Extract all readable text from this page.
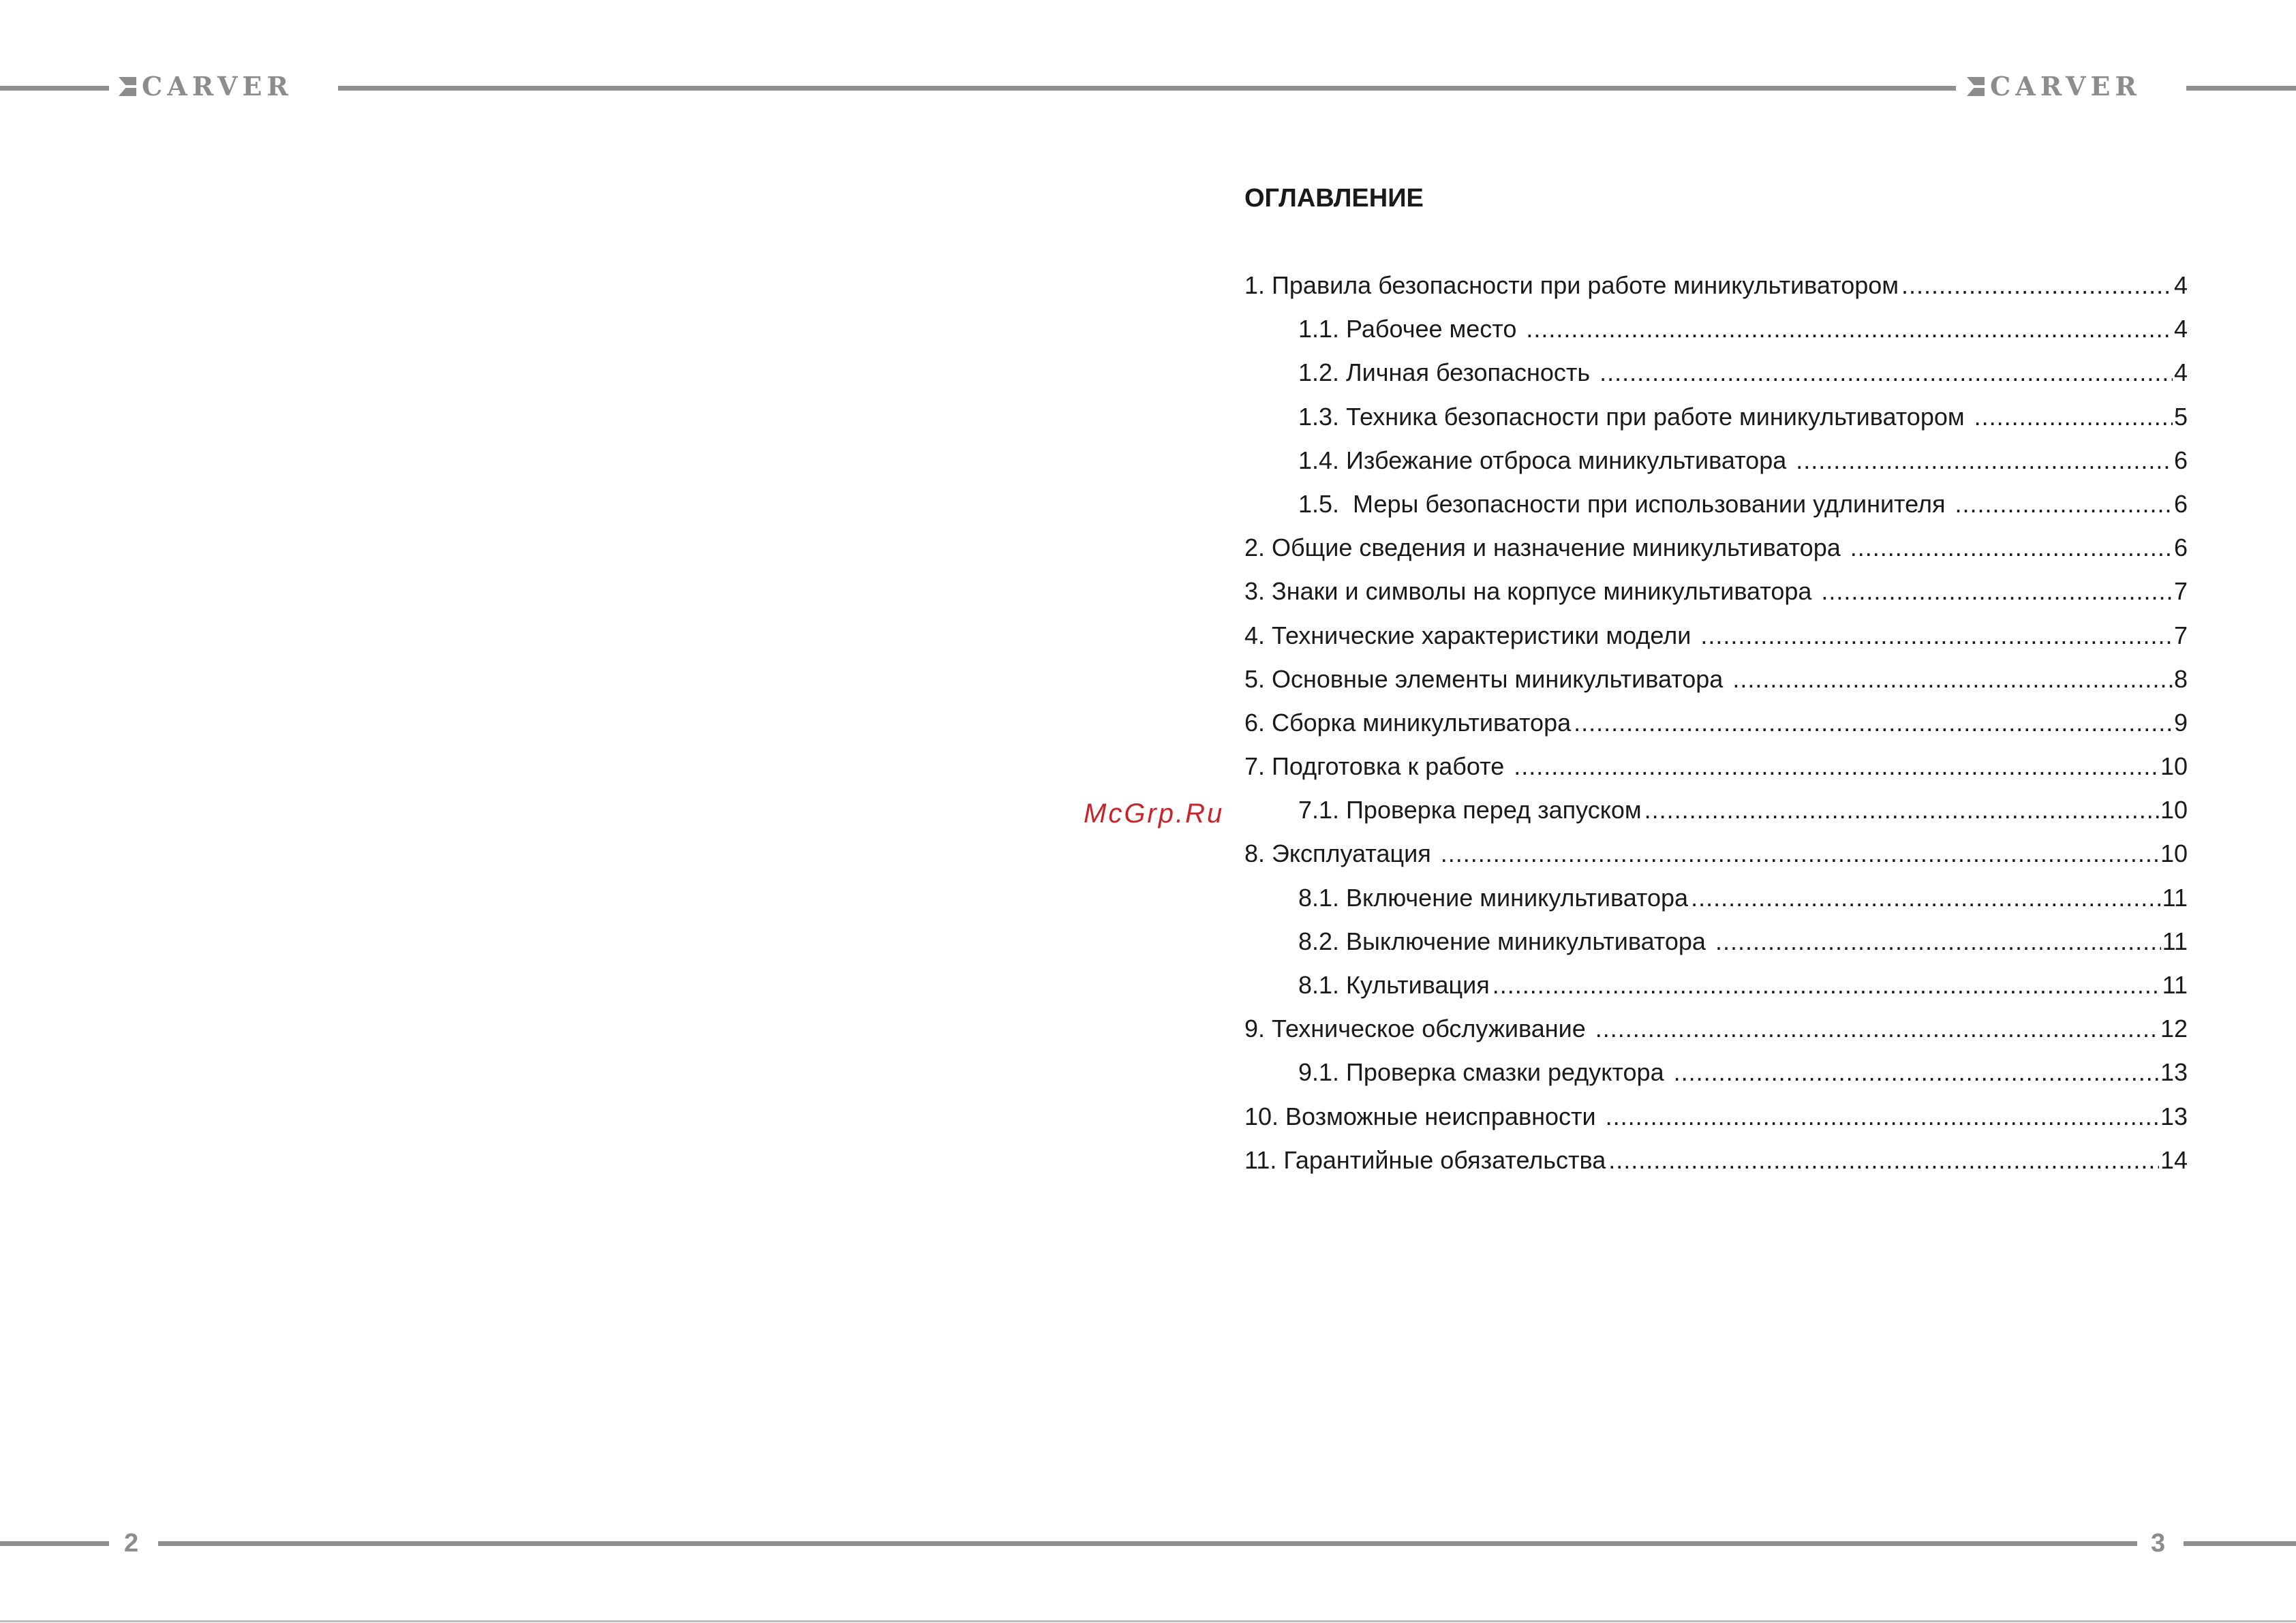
CARVER	CARVER
McGrp.Ru
ОГЛАВЛЕНИЕ
1. Правила безопасности при работе миникультиватором .....	4
1.1. Рабочее место .....	4
1.2. Личная безопасность .....	4
1.3. Техника безопасности при работе миникультиватором .....	5
1.4. Избежание отброса миникультиватора .....	6
1.5.  Меры безопасности при использовании удлинителя .....	6
2. Общие сведения и назначение миникультиватора .....	6
3. Знаки и символы на корпусе миникультиватора .....	7
4. Технические характеристики модели .....	7
5. Основные элементы миникультиватора .....	8
6. Сборка миникультиватора .....	9
7. Подготовка к работе .....	10
7.1. Проверка перед запуском .....	10
8. Эксплуатация .....	10
8.1. Включение миникультиватора .....	11
8.2. Выключение миникультиватора .....	11
8.1. Культивация .....	11
9. Техническое обслуживание .....	12
9.1. Проверка смазки редуктора .....	13
10. Возможные неисправности .....	13
11. Гарантийные обязательства .....	14
2	3
